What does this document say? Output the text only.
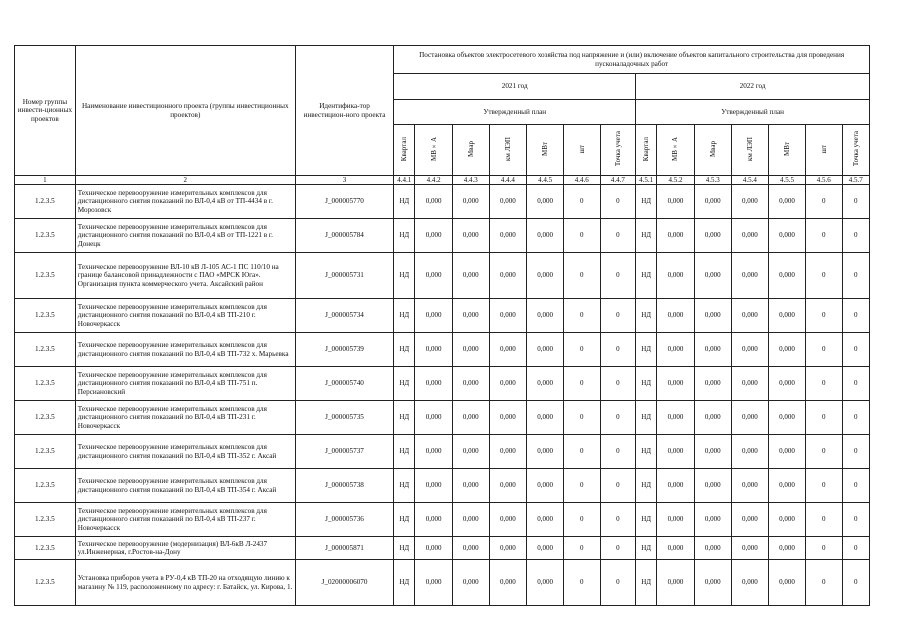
Номер группы инвести-ционных проектов	Наименование инвестиционного проекта (группы инвестиционных проектов)	Идентифика-тор инвестицион-ного проекта	Постановка объектов электросетевого хозяйства под напряжение и (или) включение объектов капитального строительства для проведения пусконаладочных работ													
			2021 год							2022 год						
			Утвержденный план							Утвержденный план						
			Квартал	МВ×А	Мвар	км ЛЭП	МВт	шт	Точка учета	Квартал	МВ×А	Мвар	км ЛЭП	МВт	шт	Точка учета
1	2	3	4.4.1	4.4.2	4.4.3	4.4.4	4.4.5	4.4.6	4.4.7	4.5.1	4.5.2	4.5.3	4.5.4	4.5.5	4.5.6	4.5.7
1.2.3.5	Техническое перевооружение измерительных комплексов для дистанционного снятия показаний по ВЛ-0,4 кВ от ТП-4434 в г. Морозовск	J_000005770	НД	0,000	0,000	0,000	0,000	0	0	НД	0,000	0,000	0,000	0,000	0	0
1.2.3.5	Техническое перевооружение измерительных комплексов для дистанционного снятия показаний по ВЛ-0,4 кВ от ТП-1221 в г. Донецк	J_000005784	НД	0,000	0,000	0,000	0,000	0	0	НД	0,000	0,000	0,000	0,000	0	0
1.2.3.5	Техническое перевооружение ВЛ-10 кВ Л-105 АС-1 ПС 110/10 на границе балансовой принадлежности с ПАО «МРСК Юга». Организация пункта коммерческого учета. Аксайский район	J_000005731	НД	0,000	0,000	0,000	0,000	0	0	НД	0,000	0,000	0,000	0,000	0	0
1.2.3.5	Техническое перевооружение измерительных комплексов для дистанционного снятия показаний по ВЛ-0,4 кВ ТП-210 г. Новочеркасск	J_000005734	НД	0,000	0,000	0,000	0,000	0	0	НД	0,000	0,000	0,000	0,000	0	0
1.2.3.5	Техническое перевооружение измерительных комплексов для дистанционного снятия показаний по ВЛ-0,4 кВ ТП-732 х. Марьевка	J_000005739	НД	0,000	0,000	0,000	0,000	0	0	НД	0,000	0,000	0,000	0,000	0	0
1.2.3.5	Техническое перевооружение измерительных комплексов для дистанционного снятия показаний по ВЛ-0,4 кВ ТП-751 п. Персиановский	J_000005740	НД	0,000	0,000	0,000	0,000	0	0	НД	0,000	0,000	0,000	0,000	0	0
1.2.3.5	Техническое перевооружение измерительных комплексов для дистанционного снятия показаний по ВЛ-0,4 кВ ТП-231 г. Новочеркасск	J_000005735	НД	0,000	0,000	0,000	0,000	0	0	НД	0,000	0,000	0,000	0,000	0	0
1.2.3.5	Техническое перевооружение измерительных комплексов для дистанционного снятия показаний по ВЛ-0,4 кВ ТП-352 г. Аксай	J_000005737	НД	0,000	0,000	0,000	0,000	0	0	НД	0,000	0,000	0,000	0,000	0	0
1.2.3.5	Техническое перевооружение измерительных комплексов для дистанционного снятия показаний по ВЛ-0,4 кВ ТП-354 г. Аксай	J_000005738	НД	0,000	0,000	0,000	0,000	0	0	НД	0,000	0,000	0,000	0,000	0	0
1.2.3.5	Техническое перевооружение измерительных комплексов для дистанционного снятия показаний по ВЛ-0,4 кВ ТП-237 г. Новочеркасск	J_000005736	НД	0,000	0,000	0,000	0,000	0	0	НД	0,000	0,000	0,000	0,000	0	0
1.2.3.5	Техническое перевооружение (модернизация) ВЛ-6кВ Л-2437 ул.Инженерная, г.Ростов-на-Дону	J_000005871	НД	0,000	0,000	0,000	0,000	0	0	НД	0,000	0,000	0,000	0,000	0	0
1.2.3.5	Установка приборов учета в РУ-0,4 кВ ТП-20 на отходящую линию к магазину № 119, расположенному по адресу: г. Батайск, ул. Кирова, 1.	J_02000006070	НД	0,000	0,000	0,000	0,000	0	0	НД	0,000	0,000	0,000	0,000	0	0
